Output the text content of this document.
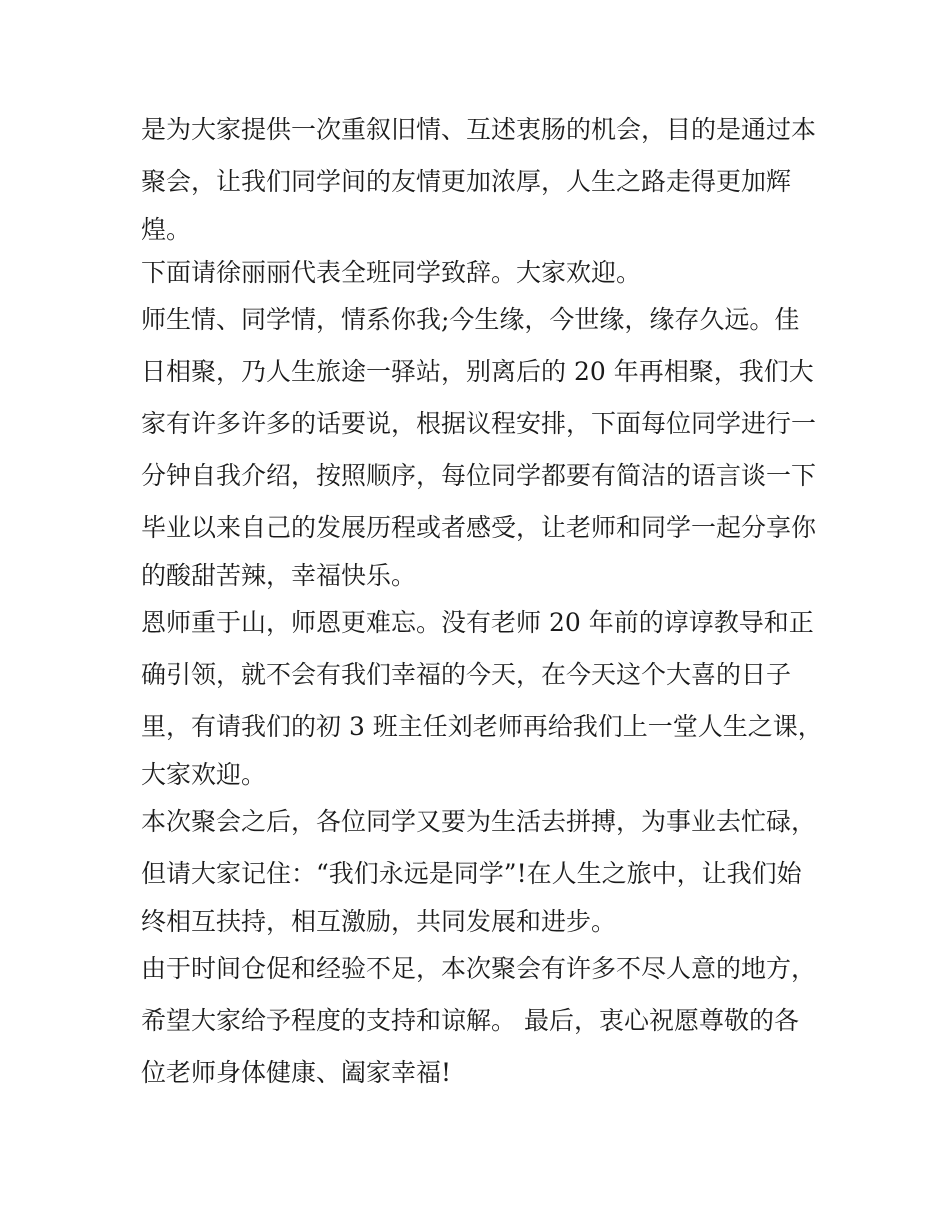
是为大家提供一次重叙旧情、互述衷肠的机会，目的是通过本
聚会，让我们同学间的友情更加浓厚，人生之路走得更加辉
煌。
下面请徐丽丽代表全班同学致辞。大家欢迎。
师生情、同学情，情系你我;今生缘，今世缘，缘存久远。佳
日相聚，乃人生旅途一驿站，别离后的 20 年再相聚，我们大
家有许多许多的话要说，根据议程安排，下面每位同学进行一
分钟自我介绍，按照顺序，每位同学都要有简洁的语言谈一下
毕业以来自己的发展历程或者感受，让老师和同学一起分享你
的酸甜苦辣，幸福快乐。
恩师重于山，师恩更难忘。没有老师 20 年前的谆谆教导和正
确引领，就不会有我们幸福的今天，在今天这个大喜的日子
里，有请我们的初 3 班主任刘老师再给我们上一堂人生之课，
大家欢迎。
本次聚会之后，各位同学又要为生活去拼搏，为事业去忙碌，
但请大家记住：“我们永远是同学”!在人生之旅中，让我们始
终相互扶持，相互激励，共同发展和进步。
由于时间仓促和经验不足，本次聚会有许多不尽人意的地方，
希望大家给予程度的支持和谅解。 最后，衷心祝愿尊敬的各
位老师身体健康、阖家幸福!
